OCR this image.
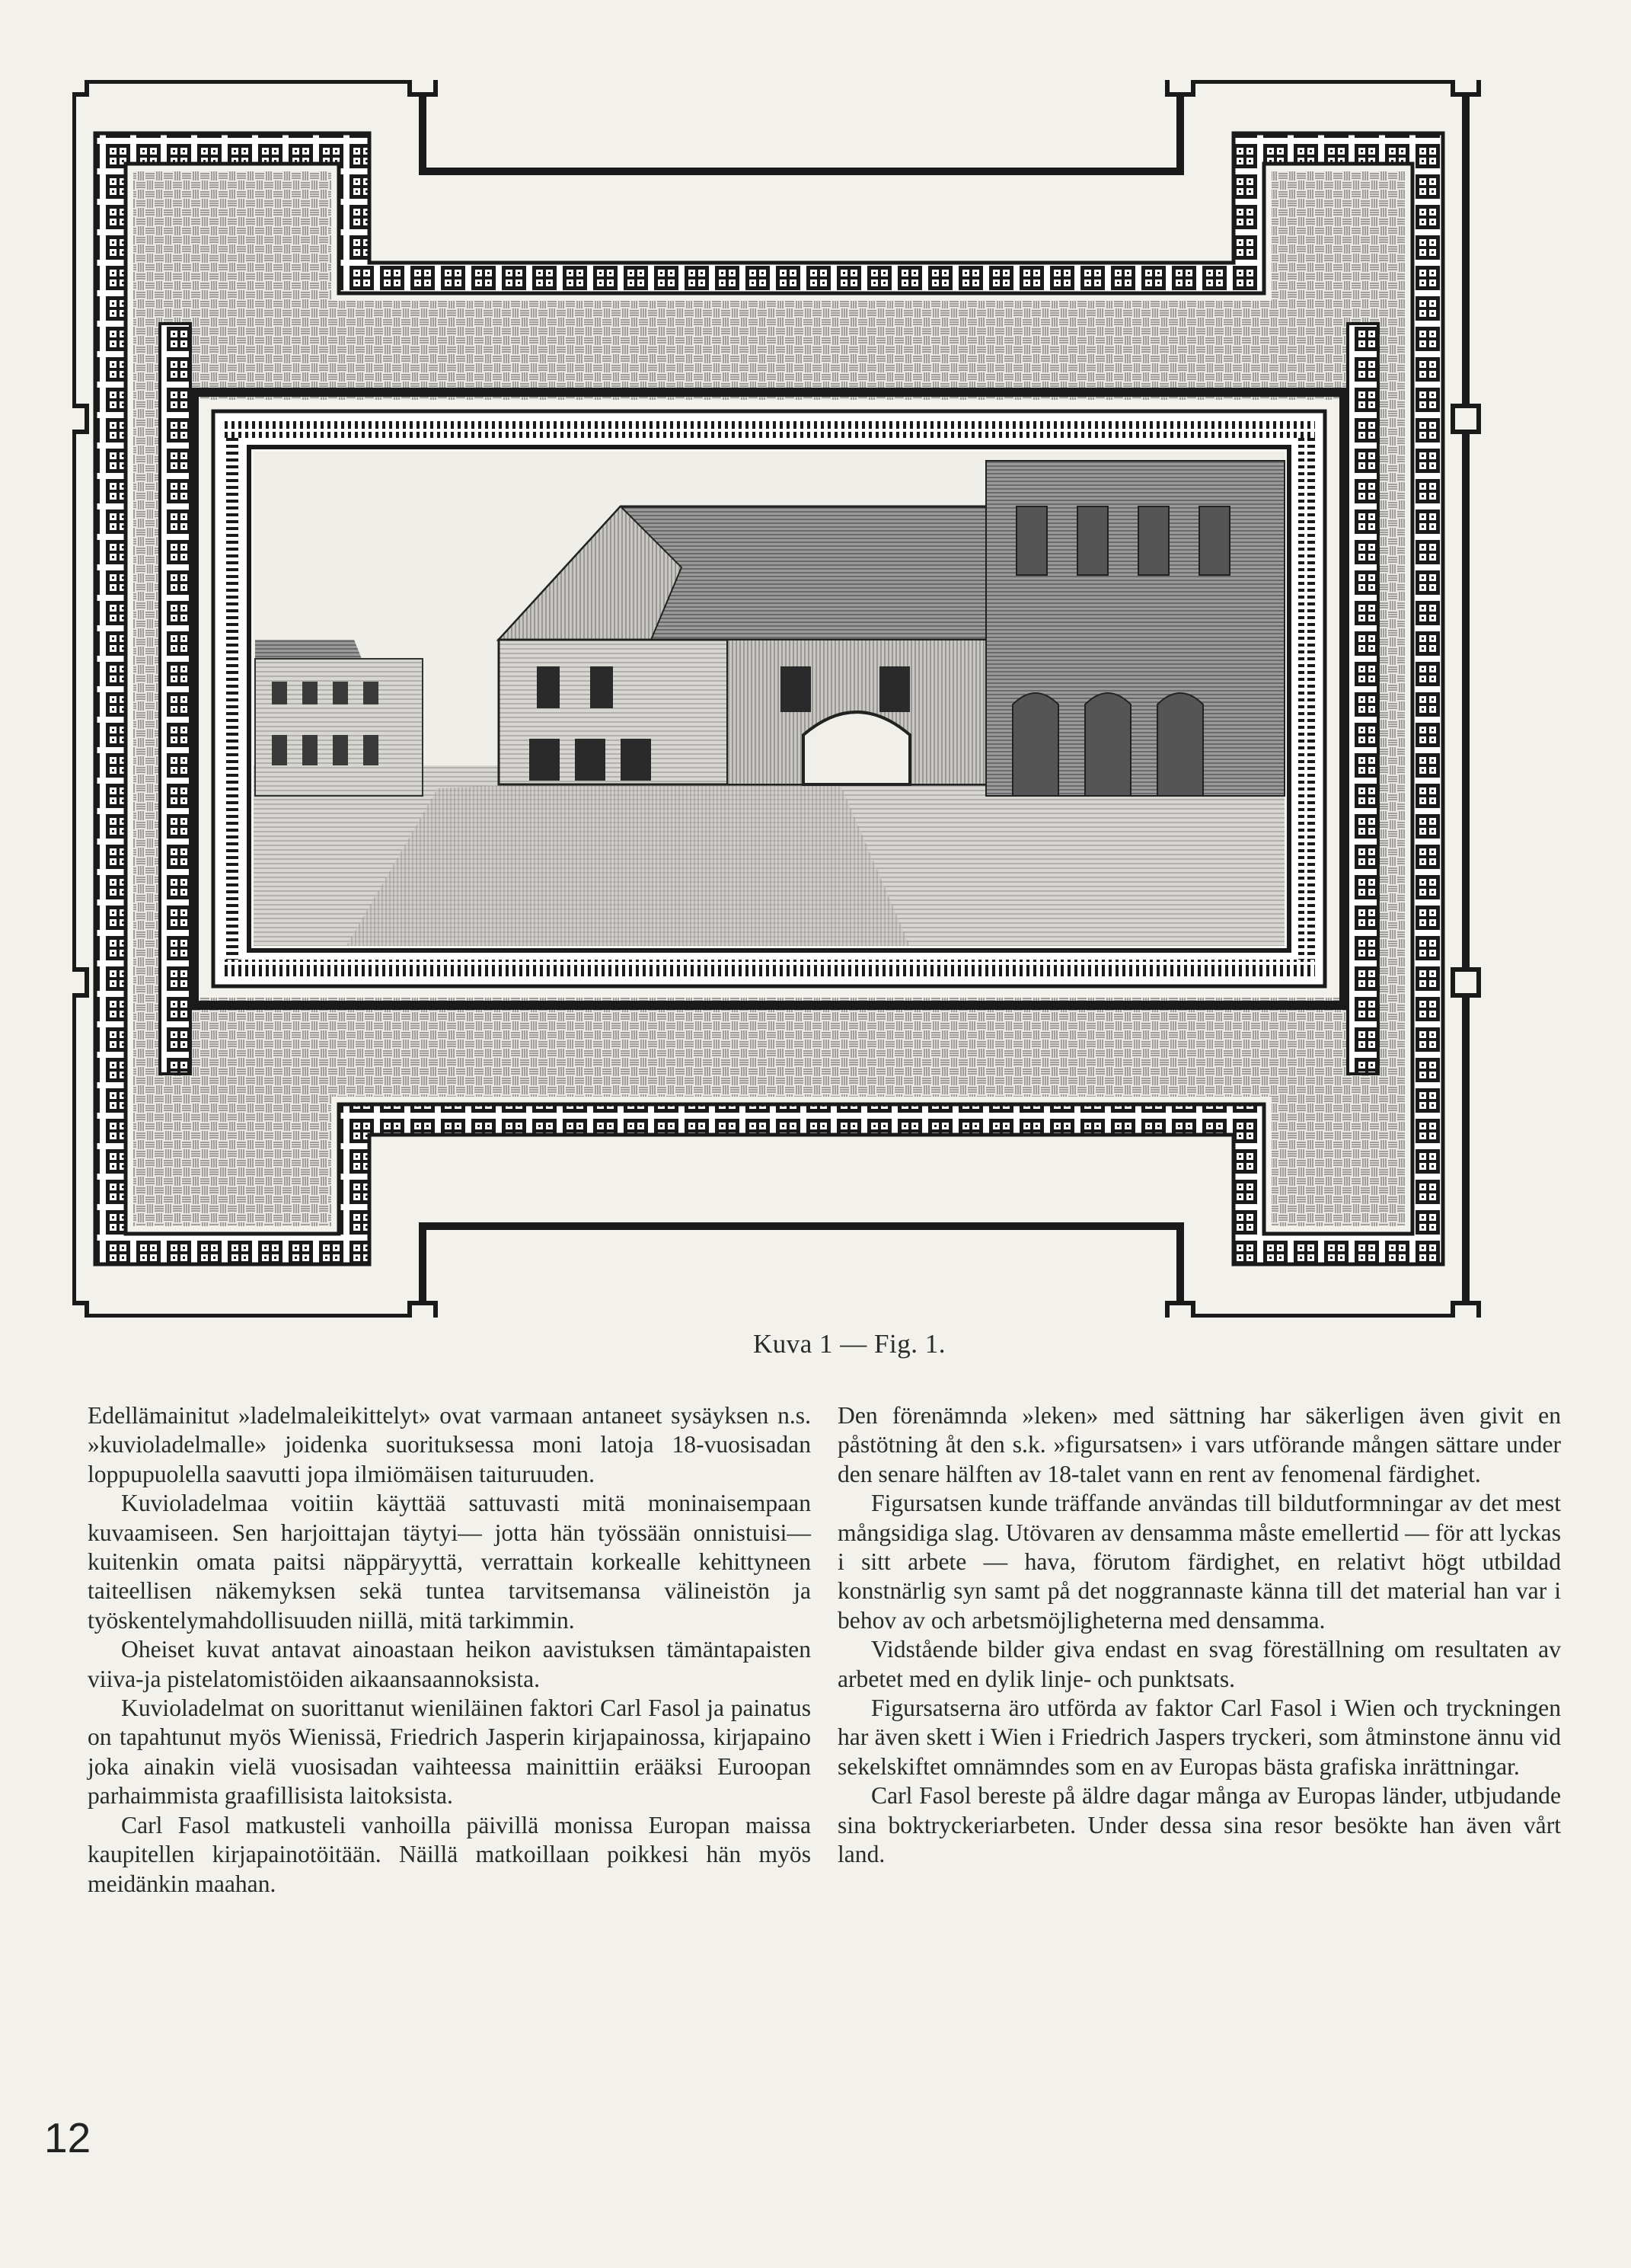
Kuva 1 — Fig. 1.

Edellämainitut »ladelmaleikittelyt» ovat varmaan antaneet sysäyksen n.s. »kuvioladelmalle» joidenka suorituksessa moni latoja 18-vuosisadan loppupuolella saavutti jopa ilmiömäisen taituruuden.

Kuvioladelmaa voitiin käyttää sattuvasti mitä moninaisempaan kuvaamiseen. Sen harjoittajan täytyi— jotta hän työssään onnistuisi— kuitenkin omata paitsi näppäryyttä, verrattain korkealle kehittyneen taiteellisen näkemyksen sekä tuntea tarvitsemansa välineistön ja työskentelymahdollisuuden niillä, mitä tarkimmin.

Oheiset kuvat antavat ainoastaan heikon aavistuksen tämäntapaisten viiva-ja pistelatomistöiden aikaansaannoksista.

Kuvioladelmat on suorittanut wieniläinen faktori Carl Fasol ja painatus on tapahtunut myös Wienissä, Friedrich Jasperin kirjapainossa, kirjapaino joka ainakin vielä vuosisadan vaihteessa mainittiin erääksi Euroopan parhaimmista graafillisista laitoksista.

Carl Fasol matkusteli vanhoilla päivillä monissa Europan maissa kaupitellen kirjapainotöitään. Näillä matkoillaan poikkesi hän myös meidänkin maahan.

Den förenämnda »leken» med sättning har säkerligen även givit en påstötning åt den s.k. »figursatsen» i vars utförande mången sättare under den senare hälften av 18-talet vann en rent av fenomenal färdighet.

Figursatsen kunde träffande användas till bildutformningar av det mest mångsidiga slag. Utövaren av densamma måste emellertid — för att lyckas i sitt arbete — hava, förutom färdighet, en relativt högt utbildad konstnärlig syn samt på det noggrannaste känna till det material han var i behov av och arbetsmöjligheterna med densamma.

Vidstående bilder giva endast en svag föreställning om resultaten av arbetet med en dylik linje- och punktsats.

Figursatserna äro utförda av faktor Carl Fasol i Wien och tryckningen har även skett i Wien i Friedrich Jaspers tryckeri, som åtminstone ännu vid sekelskiftet omnämndes som en av Europas bästa grafiska inrättningar.

Carl Fasol bereste på äldre dagar många av Europas länder, utbjudande sina boktryckeriarbeten. Under dessa sina resor besökte han även vårt land.

12
